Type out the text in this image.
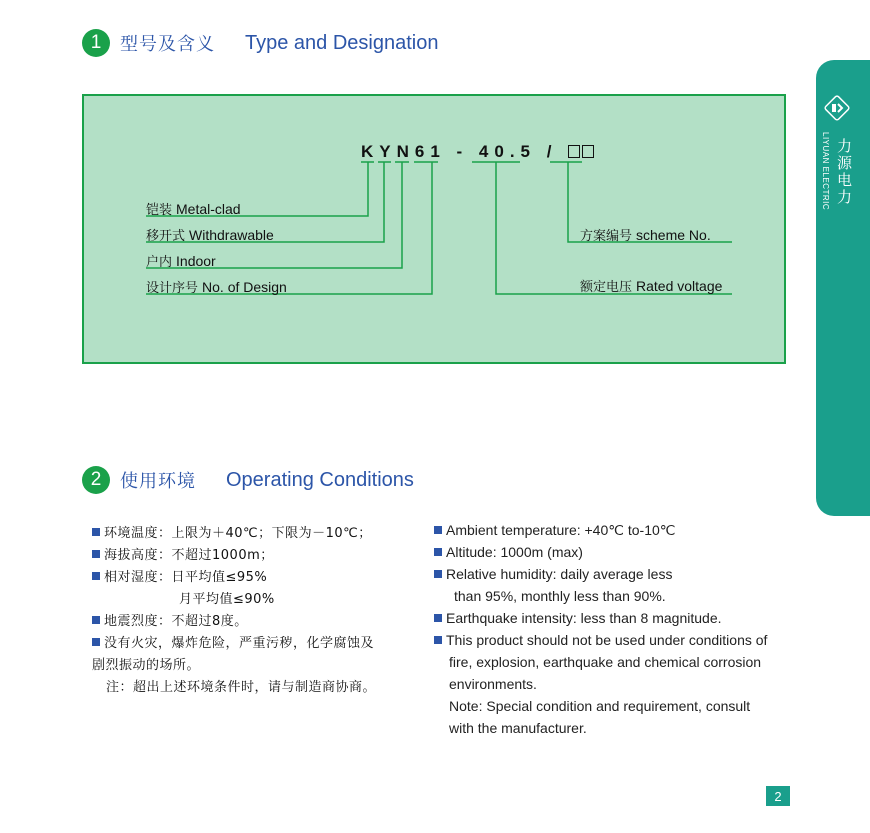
1	型号及含义 Type and Designation
KYN61 - 40.5 /
铠装 Metal-clad
移开式 Withdrawable
户内 Indoor
设计序号 No. of Design
方案编号 scheme No.
额定电压 Rated voltage
2	使用环境 Operating Conditions
环境温度：上限为＋40℃；下限为－10℃；
海拔高度：不超过1000m；
相对湿度：日平均值≤95%
月平均值≤90%
地震烈度：不超过8度。
没有火灾，爆炸危险，严重污秽，化学腐蚀及
剧烈振动的场所。
注：超出上述环境条件时，请与制造商协商。
Ambient temperature: +40℃ to-10℃
Altitude: 1000m (max)
Relative humidity: daily average less
than 95%, monthly less than 90%.
Earthquake intensity: less than 8 magnitude.
This product should not be used under conditions of
fire, explosion, earthquake and chemical corrosion
environments.
Note: Special condition and requirement, consult
with the manufacturer.
力源电力
LIYUAN ELECTRIC
2
